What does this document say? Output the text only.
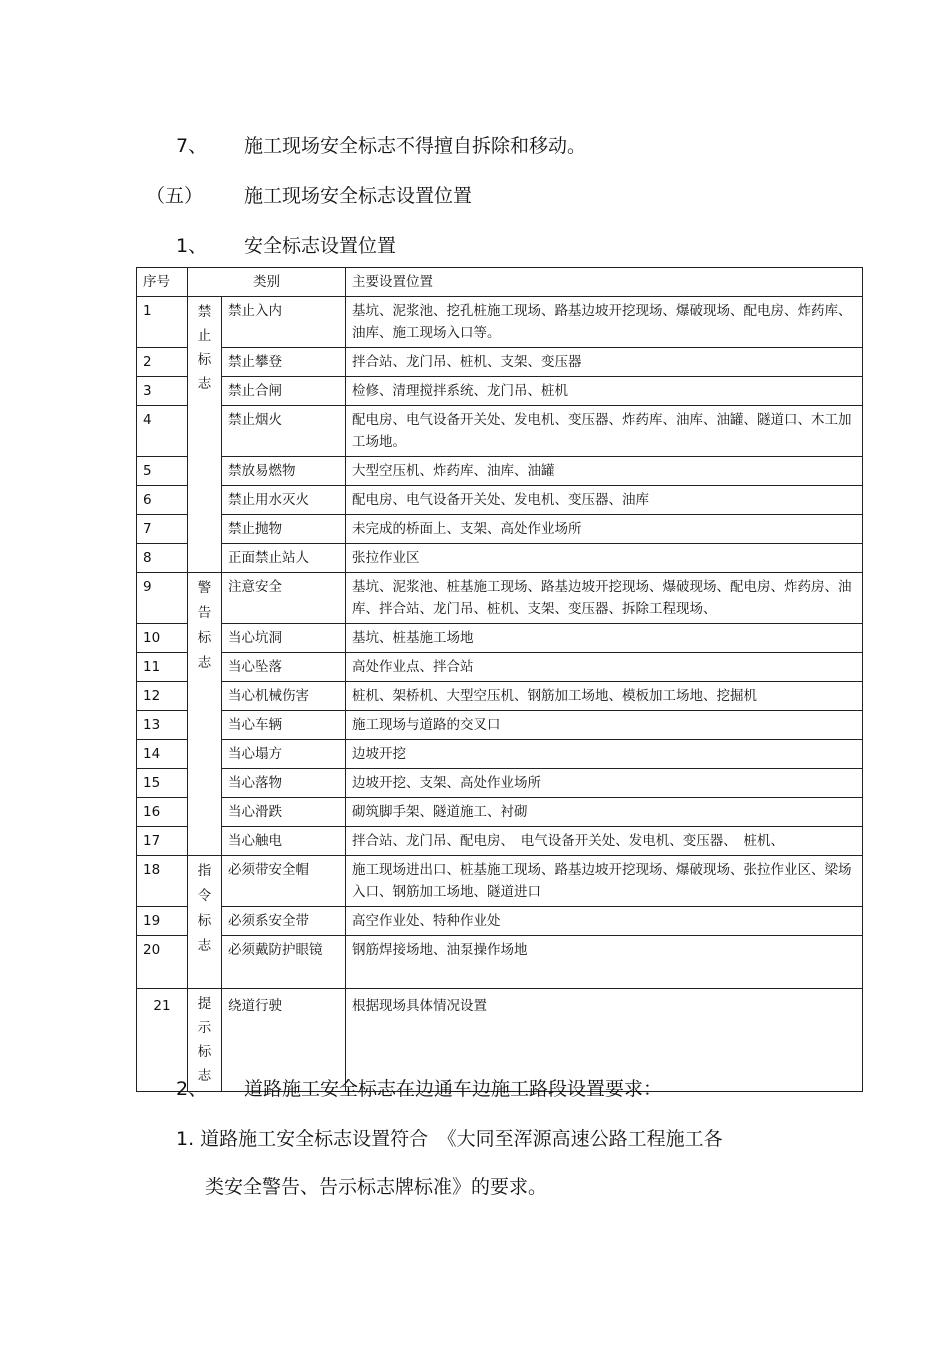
7、 施工现场安全标志不得擅自拆除和移动。
（五） 施工现场安全标志设置位置
1、 安全标志设置位置
序号	类别		主要设置位置
1	禁止标志	禁止入内	基坑、泥浆池、挖孔桩施工现场、路基边坡开挖现场、爆破现场、配电房、炸药库、油库、施工现场入口等。
2		禁止攀登	拌合站、龙门吊、桩机、支架、变压器
3		禁止合闸	检修、清理搅拌系统、龙门吊、桩机
4		禁止烟火	配电房、电气设备开关处、发电机、变压器、炸药库、油库、油罐、隧道口、木工加工场地。
5		禁放易燃物	大型空压机、炸药库、油库、油罐
6		禁止用水灭火	配电房、电气设备开关处、发电机、变压器、油库
7		禁止抛物	未完成的桥面上、支架、高处作业场所
8		正面禁止站人	张拉作业区
9	警告标志	注意安全	基坑、泥浆池、桩基施工现场、路基边坡开挖现场、爆破现场、配电房、炸药房、油库、拌合站、龙门吊、桩机、支架、变压器、拆除工程现场、
10		当心坑洞	基坑、桩基施工场地
11		当心坠落	高处作业点、拌合站
12		当心机械伤害	桩机、架桥机、大型空压机、钢筋加工场地、模板加工场地、挖掘机
13		当心车辆	施工现场与道路的交叉口
14		当心塌方	边坡开挖
15		当心落物	边坡开挖、支架、高处作业场所
16		当心滑跌	砌筑脚手架、隧道施工、衬砌
17		当心触电	拌合站、龙门吊、配电房、　电气设备开关处、发电机、变压器、　桩机、
18	指令标志	必须带安全帽	施工现场进出口、桩基施工现场、路基边坡开挖现场、爆破现场、张拉作业区、梁场入口、钢筋加工场地、隧道进口
19		必须系安全带	高空作业处、特种作业处
20		必须戴防护眼镜	钢筋焊接场地、油泵操作场地
21	提示标志	绕道行驶	根据现场具体情况设置
2、 道路施工安全标志在边通车边施工路段设置要求：
1. 道路施工安全标志设置符合　《大同至浑源高速公路工程施工各
类安全警告、告示标志牌标准》的要求。
